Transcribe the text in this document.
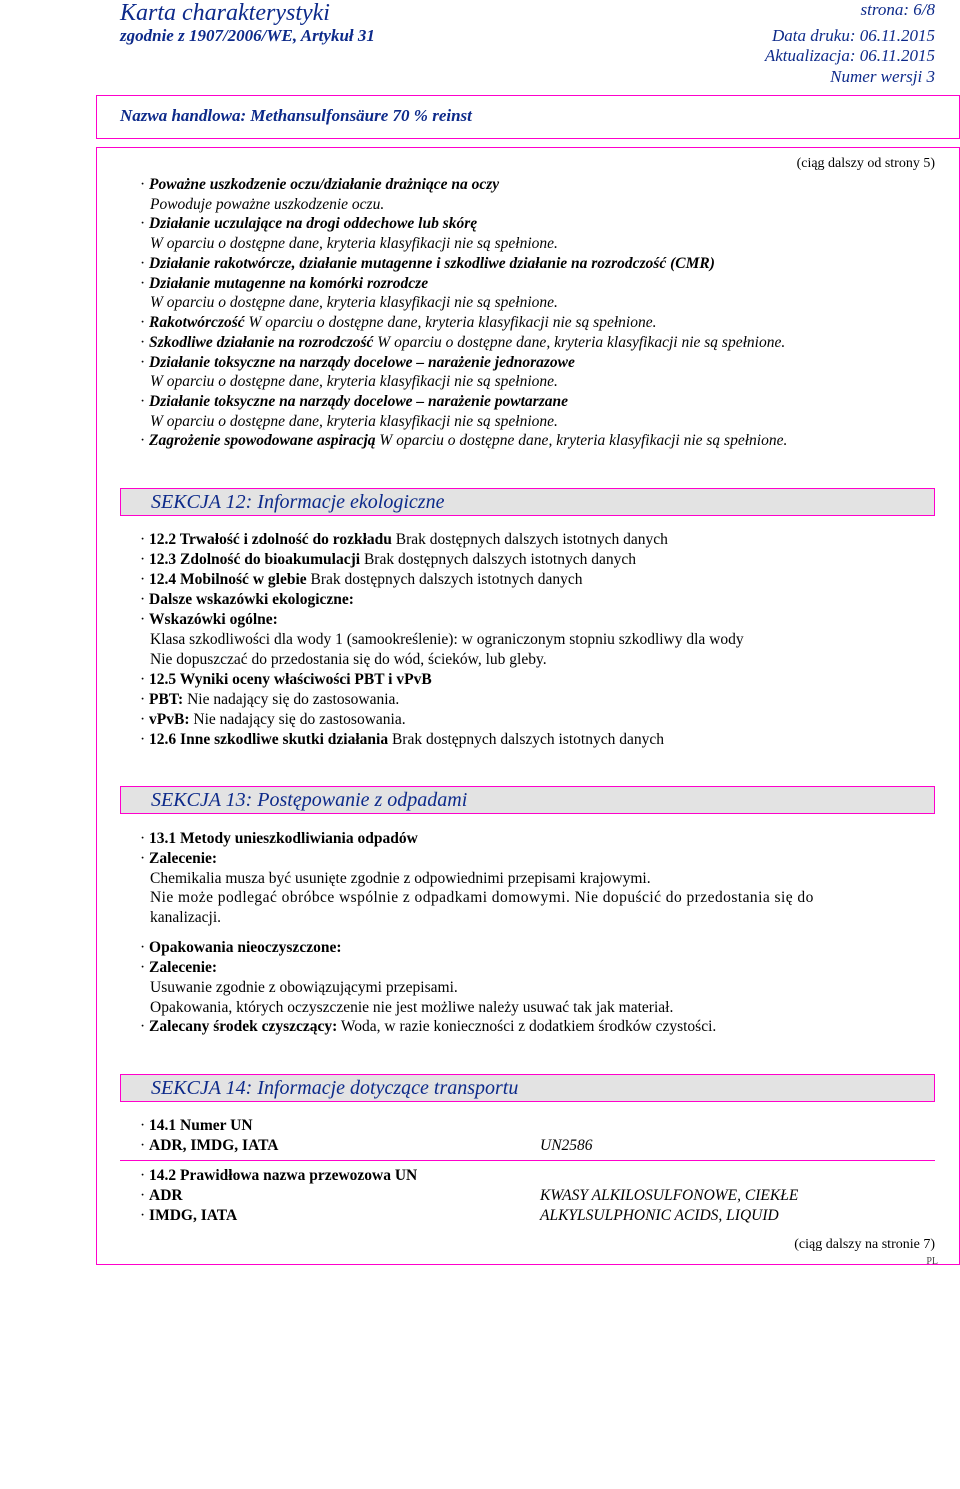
Karta charakterystyki
zgodnie z 1907/2006/WE, Artykuł 31
strona: 6/8
Data druku: 06.11.2015
Aktualizacja: 06.11.2015
Numer wersji 3
Nazwa handlowa: Methansulfonsäure 70 % reinst
(ciąg dalszy od strony 5)
· Poważne uszkodzenie oczu/działanie drażniące na oczy
Powoduje poważne uszkodzenie oczu.
· Działanie uczulające na drogi oddechowe lub skórę
W oparciu o dostępne dane, kryteria klasyfikacji nie są spełnione.
· Działanie rakotwórcze, działanie mutagenne i szkodliwe działanie na rozrodczość (CMR)
· Działanie mutagenne na komórki rozrodcze
W oparciu o dostępne dane, kryteria klasyfikacji nie są spełnione.
· Rakotwórczość W oparciu o dostępne dane, kryteria klasyfikacji nie są spełnione.
· Szkodliwe działanie na rozrodczość W oparciu o dostępne dane, kryteria klasyfikacji nie są spełnione.
· Działanie toksyczne na narządy docelowe – narażenie jednorazowe
W oparciu o dostępne dane, kryteria klasyfikacji nie są spełnione.
· Działanie toksyczne na narządy docelowe – narażenie powtarzane
W oparciu o dostępne dane, kryteria klasyfikacji nie są spełnione.
· Zagrożenie spowodowane aspiracją W oparciu o dostępne dane, kryteria klasyfikacji nie są spełnione.
SEKCJA 12: Informacje ekologiczne
· 12.2 Trwałość i zdolność do rozkładu Brak dostępnych dalszych istotnych danych
· 12.3 Zdolność do bioakumulacji Brak dostępnych dalszych istotnych danych
· 12.4 Mobilność w glebie Brak dostępnych dalszych istotnych danych
· Dalsze wskazówki ekologiczne:
· Wskazówki ogólne:
Klasa szkodliwości dla wody 1 (samookreślenie): w ograniczonym stopniu szkodliwy dla wody
Nie dopuszczać do przedostania się do wód, ścieków, lub gleby.
· 12.5 Wyniki oceny właściwości PBT i vPvB
· PBT: Nie nadający się do zastosowania.
· vPvB: Nie nadający się do zastosowania.
· 12.6 Inne szkodliwe skutki działania Brak dostępnych dalszych istotnych danych
SEKCJA 13: Postępowanie z odpadami
· 13.1 Metody unieszkodliwiania odpadów
· Zalecenie:
Chemikalia musza być usunięte zgodnie z odpowiednimi przepisami krajowymi.
Nie może podlegać obróbce wspólnie z odpadkami domowymi. Nie dopuścić do przedostania się do
kanalizacji.
· Opakowania nieoczyszczone:
· Zalecenie:
Usuwanie zgodnie z obowiązującymi przepisami.
Opakowania, których oczyszczenie nie jest możliwe należy usuwać tak jak materiał.
· Zalecany środek czyszczący: Woda, w razie konieczności z dodatkiem środków czystości.
SEKCJA 14: Informacje dotyczące transportu
· 14.1 Numer UN
· ADR, IMDG, IATA	UN2586
· 14.2 Prawidłowa nazwa przewozowa UN
· ADR	KWASY ALKILOSULFONOWE, CIEKŁE
· IMDG, IATA	ALKYLSULPHONIC ACIDS, LIQUID
(ciąg dalszy na stronie 7)
PL
